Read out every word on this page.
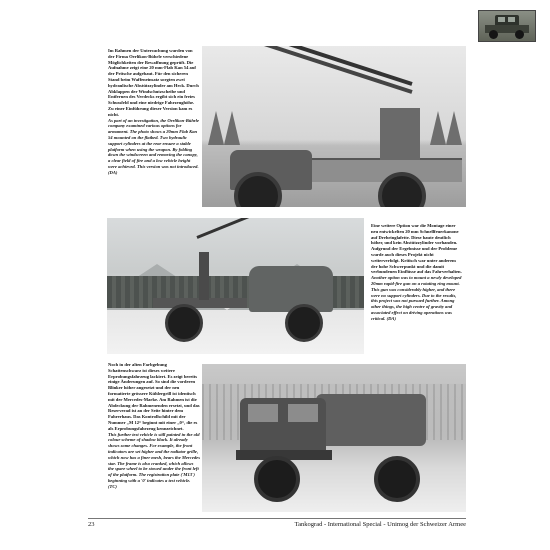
Im Rahmen der Untersuchung wurden von der Firma Oerlikon-Bührle verschiedene Möglichkeiten der Bewaffnung geprüft. Die Aufnahme zeigt eine 20 mm-Flab Kan 54 auf der Pritsche aufgebaut. Für den sicheren Stand beim Waffeneinsatz sorgten zwei hydraulische Abstützzylinder am Heck. Durch Abklappen der Windschutzscheibe und Entfernen des Verdecks ergibt sich ein freies Schussfeld und eine niedrige Fahrzeughöhe. Zu einer Einführung dieser Version kam es nicht.

As part of an investigation, the Oerlikon-Bührle company examined various options for armament. The photo shows a 20mm Flab Kan 54 mounted on the flatbed. Two hydraulic support cylinders at the rear ensure a stable platform when using the weapon. By folding down the windscreen and removing the canopy, a clear field of fire and a low vehicle height were achieved. This version was not introduced. (DA)

Eine weitere Option war die Montage einer neu entwickelten 20 mm Schnellfeuerkanone auf Drehringlafette. Diese baute deutlich höher, und kein Abstützzylinder vorhanden. Aufgrund der Ergebnisse und der Probleme wurde auch dieses Projekt nicht weiterverfolgt. Kritisch war unter anderem der hohe Schwerpunkt und die damit verbundenen Einflüsse auf das Fahrverhalten.

Another option was to mount a newly developed 20mm rapid-fire gun on a rotating ring mount. This gun was considerably higher, and there were no support cylinders. Due to the results, this project was not pursued further. Among other things, the high centre of gravity and associated effect on driving operations was critical. (DA)

Noch in der alten Farbgebung Schattenschwarz ist dieses weitere Erprobungsfahrzeug lackiert. Es zeigt bereits einige Änderungen auf. So sind die vorderen Blinker höher angesetzt und der neu formatierte grössere Kühlergrill ist identisch mit der Mercedes-Marke. Am Rahmen ist die Abdeckung der Rahmenenden ersetzt, und das Reserverad ist an der Seite hinter dem Fahrerhaus. Das Kontrollschild mit der Nummer „M 12“ beginnt mit einer „0“, die es als Erprobungsfahrzeug kennzeichnet.

This further test vehicle is still painted in the old colour scheme of shadow black. It already shows some changes. For example, the front indicators are set higher and the radiator grille, which now has a finer mesh, bears the Mercedes star. The frame is also cranked, which allows the spare wheel to be stowed under the front left of the platform. The registration plate ('M13') beginning with a '0' indicates a test vehicle. (TC)

23	Tankograd - International Special - Unimog der Schweizer Armee
